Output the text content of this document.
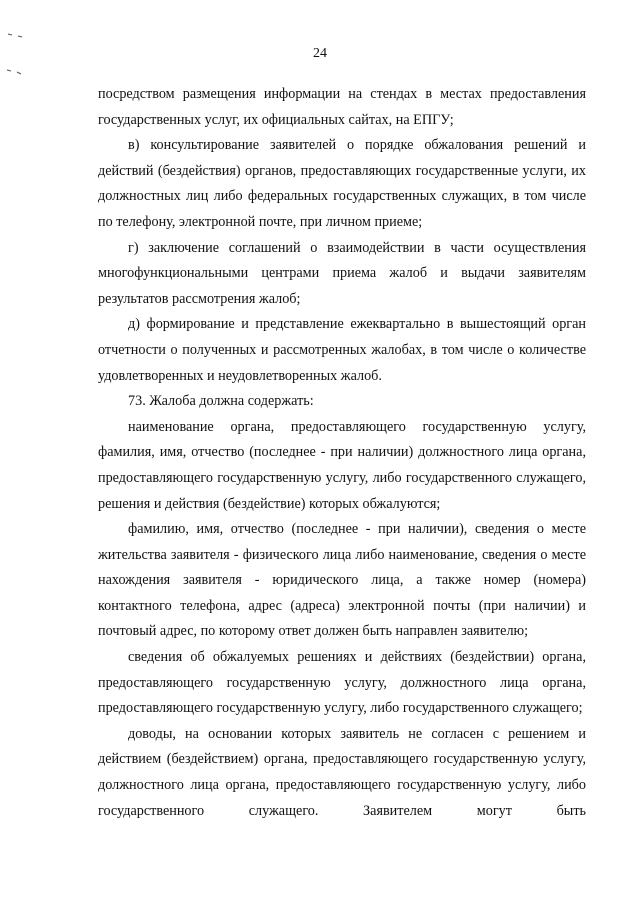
24

посредством размещения информации на стендах в местах предоставления государственных услуг, их официальных сайтах, на ЕПГУ;

в) консультирование заявителей о порядке обжалования решений и действий (бездействия) органов, предоставляющих государственные услуги, их должностных лиц либо федеральных государственных служащих, в том числе по телефону, электронной почте, при личном приеме;

г) заключение соглашений о взаимодействии в части осуществления многофункциональными центрами приема жалоб и выдачи заявителям результатов рассмотрения жалоб;

д) формирование и представление ежеквартально в вышестоящий орган отчетности о полученных и рассмотренных жалобах, в том числе о количестве удовлетворенных и неудовлетворенных жалоб.

73. Жалоба должна содержать:

наименование органа, предоставляющего государственную услугу, фамилия, имя, отчество (последнее - при наличии) должностного лица органа, предоставляющего государственную услугу, либо государственного служащего, решения и действия (бездействие) которых обжалуются;

фамилию, имя, отчество (последнее - при наличии), сведения о месте жительства заявителя - физического лица либо наименование, сведения о месте нахождения заявителя - юридического лица, а также номер (номера) контактного телефона, адрес (адреса) электронной почты (при наличии) и почтовый адрес, по которому ответ должен быть направлен заявителю;

сведения об обжалуемых решениях и действиях (бездействии) органа, предоставляющего государственную услугу, должностного лица органа, предоставляющего государственную услугу, либо государственного служащего;

доводы, на основании которых заявитель не согласен с решением и действием (бездействием) органа, предоставляющего государственную услугу, должностного лица органа, предоставляющего государственную услугу, либо государственного служащего. Заявителем могут быть
